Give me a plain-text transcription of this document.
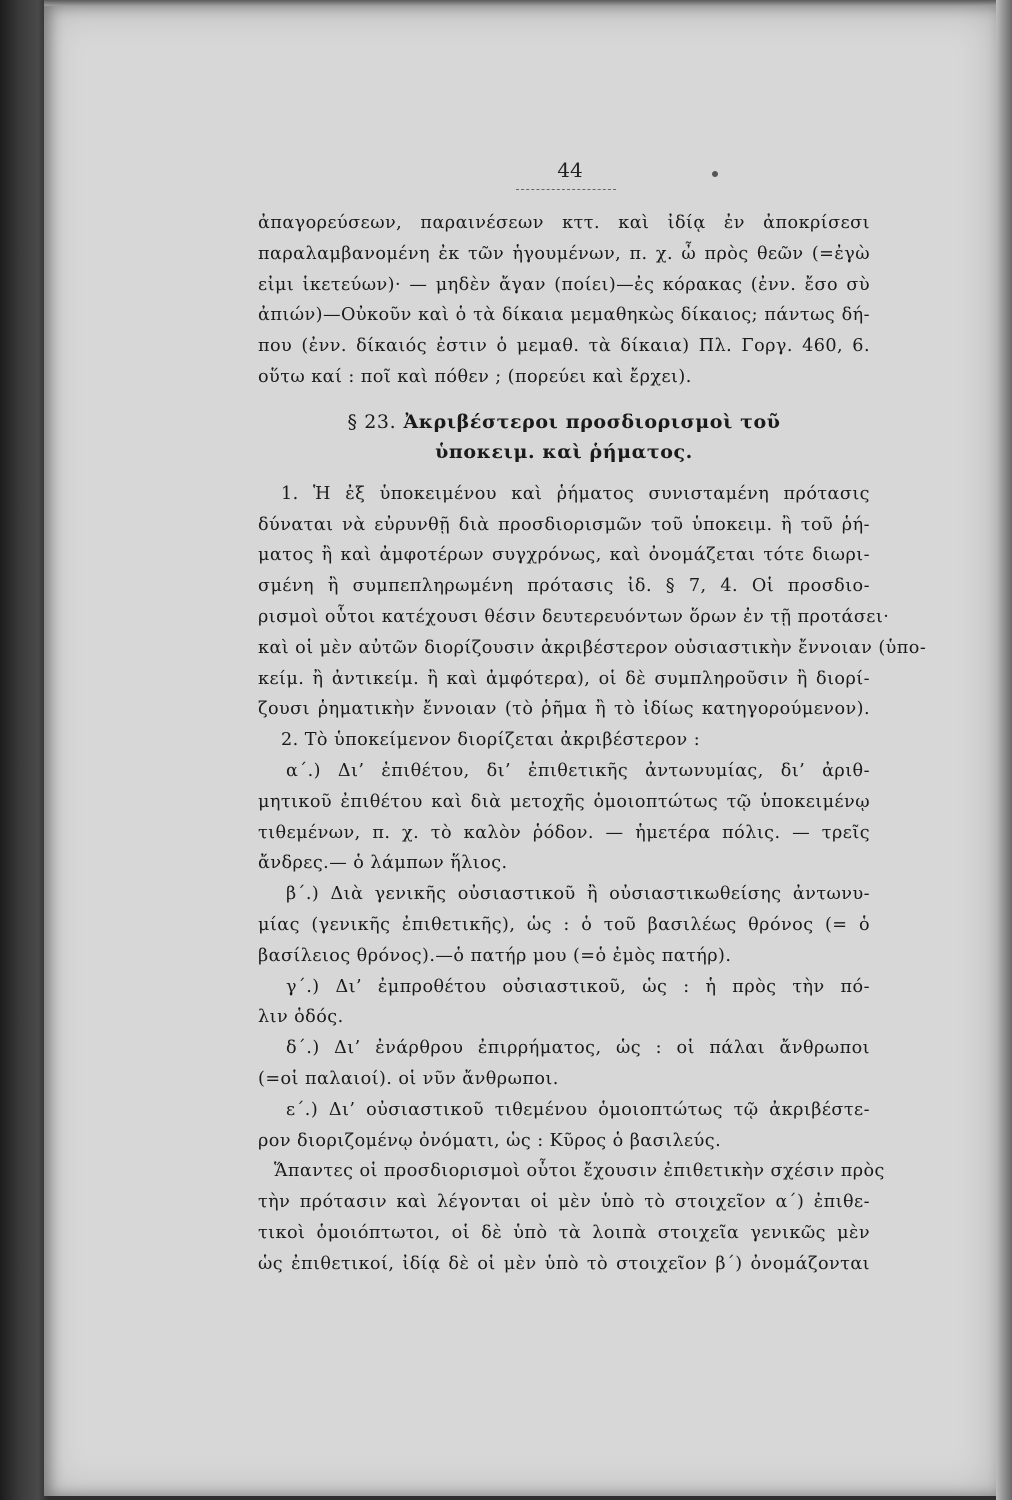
44
ἀπαγορεύσεων, παραινέσεων κττ. καὶ ἰδίᾳ ἐν ἀποκρίσεσι
παραλαμβανομένη ἐκ τῶν ἡγουμένων, π. χ. ὦ πρὸς θεῶν (=ἐγὼ
εἰμι ἱκετεύων)· — μηδὲν ἄγαν (ποίει)—ἐς κόρακας (ἐνν. ἔσο σὺ
ἀπιών)—Οὐκοῦν καὶ ὁ τὰ δίκαια μεμαθηκὼς δίκαιος; πάντως δή-
που (ἐνν. δίκαιός ἐστιν ὁ μεμαθ. τὰ δίκαια) Πλ. Γοργ. 460, 6.
οὕτω καί : ποῖ καὶ πόθεν ; (πορεύει καὶ ἔρχει).
§ 23. Ἀκριβέστεροι προσδιορισμοὶ τοῦ
ὑποκειμ. καὶ ῥήματος.
1. Ἡ ἐξ ὑποκειμένου καὶ ῥήματος συνισταμένη πρότασις
δύναται νὰ εὐρυνθῇ διὰ προσδιορισμῶν τοῦ ὑποκειμ. ἢ τοῦ ῥή-
ματος ἢ καὶ ἀμφοτέρων συγχρόνως, καὶ ὀνομάζεται τότε διωρι-
σμένη ἢ συμπεπληρωμένη πρότασις ἰδ. § 7, 4. Οἱ προσδιο-
ρισμοὶ οὗτοι κατέχουσι θέσιν δευτερευόντων ὅρων ἐν τῇ προτάσει·
καὶ οἱ μὲν αὐτῶν διορίζουσιν ἀκριβέστερον οὐσιαστικὴν ἔννοιαν (ὑπο-
κείμ. ἢ ἀντικείμ. ἢ καὶ ἀμφότερα), οἱ δὲ συμπληροῦσιν ἢ διορί-
ζουσι ῥηματικὴν ἔννοιαν (τὸ ῥῆμα ἢ τὸ ἰδίως κατηγορούμενον).
2. Τὸ ὑποκείμενον διορίζεται ἀκριβέστερον :
α΄.) Δι’ ἐπιθέτου, δι’ ἐπιθετικῆς ἀντωνυμίας, δι’ ἀριθ-
μητικοῦ ἐπιθέτου καὶ διὰ μετοχῆς ὁμοιοπτώτως τῷ ὑποκειμένῳ
τιθεμένων, π. χ. τὸ καλὸν ῥόδον. — ἡμετέρα πόλις. — τρεῖς
ἄνδρες.— ὁ λάμπων ἥλιος.
β΄.) Διὰ γενικῆς οὐσιαστικοῦ ἢ οὐσιαστικωθείσης ἀντωνυ-
μίας (γενικῆς ἐπιθετικῆς), ὡς : ὁ τοῦ βασιλέως θρόνος (= ὁ
βασίλειος θρόνος).—ὁ πατήρ μου (=ὁ ἐμὸς πατήρ).
γ΄.) Δι’ ἐμπροθέτου οὐσιαστικοῦ, ὡς : ἡ πρὸς τὴν πό-
λιν ὁδός.
δ΄.) Δι’ ἐνάρθρου ἐπιρρήματος, ὡς : οἱ πάλαι ἄνθρωποι
(=οἱ παλαιοί). οἱ νῦν ἄνθρωποι.
ε΄.) Δι’ οὐσιαστικοῦ τιθεμένου ὁμοιοπτώτως τῷ ἀκριβέστε-
ρον διοριζομένῳ ὀνόματι, ὡς : Κῦρος ὁ βασιλεύς.
Ἅπαντες οἱ προσδιορισμοὶ οὗτοι ἔχουσιν ἐπιθετικὴν σχέσιν πρὸς
τὴν πρότασιν καὶ λέγονται οἱ μὲν ὑπὸ τὸ στοιχεῖον α΄) ἐπιθε-
τικοὶ ὁμοιόπτωτοι, οἱ δὲ ὑπὸ τὰ λοιπὰ στοιχεῖα γενικῶς μὲν
ὡς ἐπιθετικοί, ἰδίᾳ δὲ οἱ μὲν ὑπὸ τὸ στοιχεῖον β΄) ὀνομάζονται
